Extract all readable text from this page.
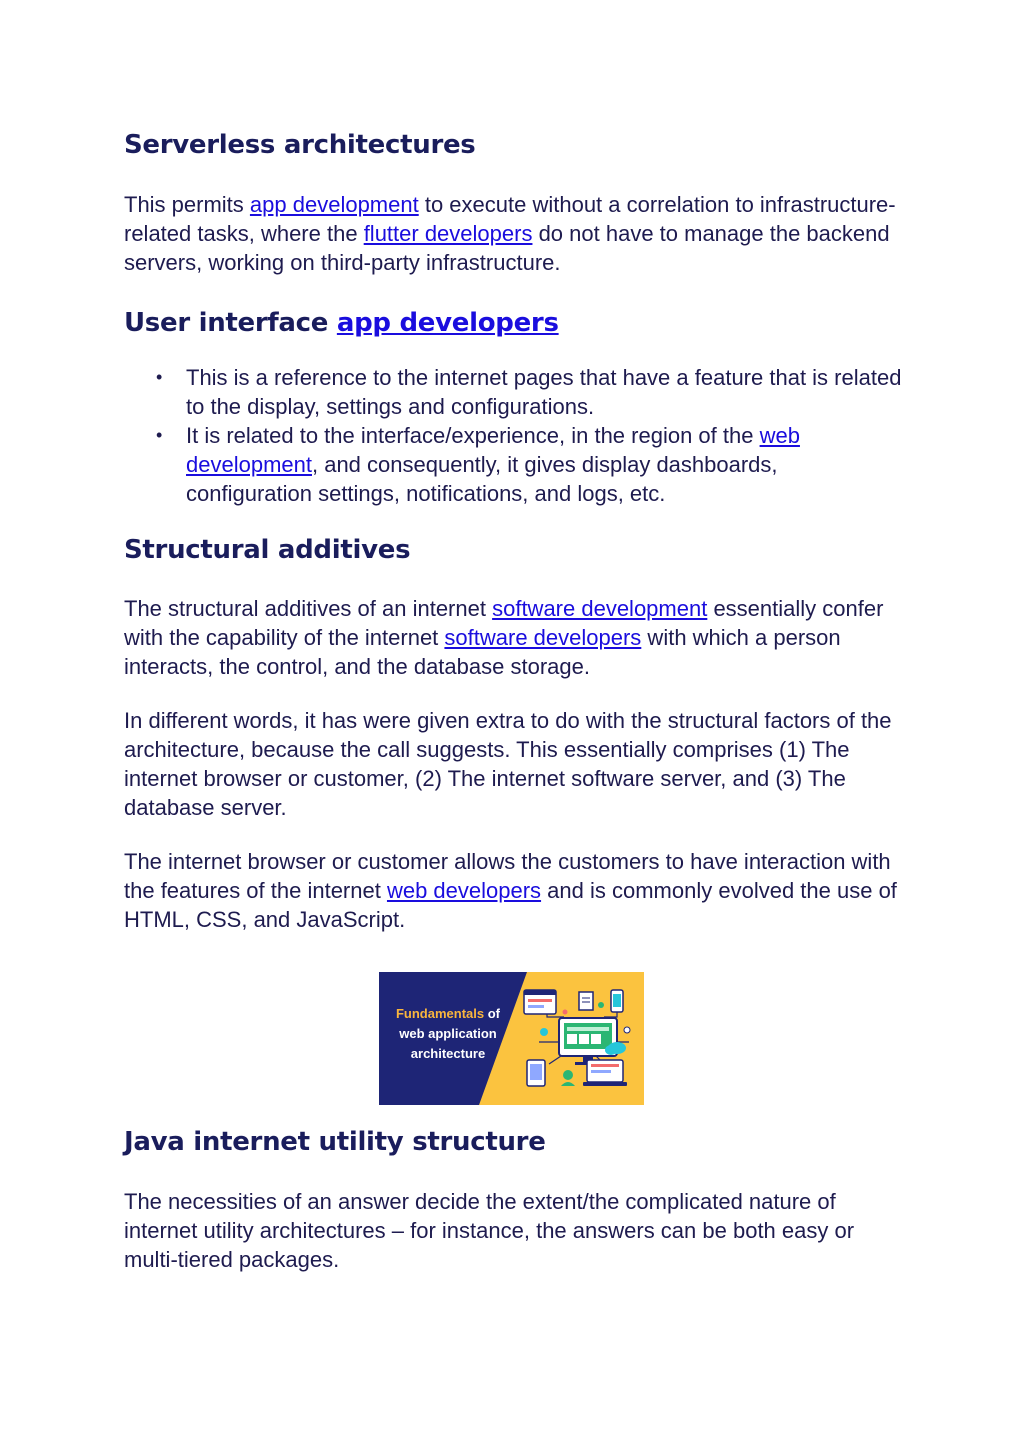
Serverless architectures

This permits app development to execute without a correlation to infrastructure-related tasks, where the flutter developers do not have to manage the backend servers, working on third-party infrastructure.

User interface app developers
• This is a reference to the internet pages that have a feature that is related to the display, settings and configurations.
• It is related to the interface/experience, in the region of the web development, and consequently, it gives display dashboards, configuration settings, notifications, and logs, etc.
Structural additives

The structural additives of an internet software development essentially confer with the capability of the internet software developers with which a person interacts, the control, and the database storage.

In different words, it has were given extra to do with the structural factors of the architecture, because the call suggests. This essentially comprises (1) The internet browser or customer, (2) The internet software server, and (3) The database server.

The internet browser or customer allows the customers to have interaction with the features of the internet web developers and is commonly evolved the use of HTML, CSS, and JavaScript.

Fundamentals of
web application
architecture
Java internet utility structure

The necessities of an answer decide the extent/the complicated nature of internet utility architectures – for instance, the answers can be both easy or multi-tiered packages.
